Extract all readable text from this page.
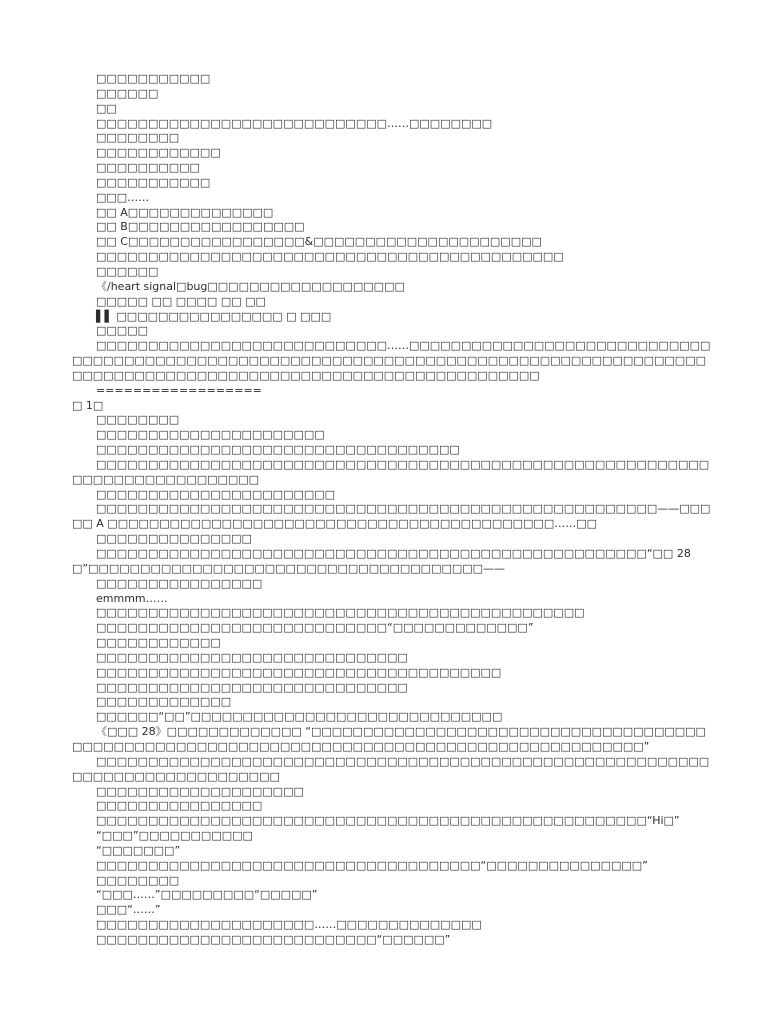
□□□□□□□□□□□

□□□□□□

□□

□□□□□□□□□□□□□□□□□□□□□□□□□□□□……□□□□□□□□

□□□□□□□□

□□□□□□□□□□□□

□□□□□□□□□□

□□□□□□□□□□□

□□□……

□□ A□□□□□□□□□□□□□□

□□ B□□□□□□□□□□□□□□□□□

□□ C□□□□□□□□□□□□□□□□□&□□□□□□□□□□□□□□□□□□□□□□

□□□□□□□□□□□□□□□□□□□□□□□□□□□□□□□□□□□□□□□□□□□□□

□□□□□□

《/heart signal□bug□□□□□□□□□□□□□□□□□□□

□□□□□ □□ □□□□ □□ □□

▌▌ □□□□□□□□□□□□□□□□ □ □□□

□□□□□

□□□□□□□□□□□□□□□□□□□□□□□□□□□□……□□□□□□□□□□□□□□□□□□□□□□□□□□□□□□□□□□□□□□□□□□□□□□□□□□□□□□□□□□□□□□□□□□□□□□□□□□□□□□□□□□□□□□□□□□□□□□□□□□□□□□□□□□□□□□□□□□□□□□□□□□□□□□□□□□□□□□□

==================

□ 1□

□□□□□□□□

□□□□□□□□□□□□□□□□□□□□□□

□□□□□□□□□□□□□□□□□□□□□□□□□□□□□□□□□□□

□□□□□□□□□□□□□□□□□□□□□□□□□□□□□□□□□□□□□□□□□□□□□□□□□□□□□□□□□□□□□□□□□□□□□□□□□□□□□

□□□□□□□□□□□□□□□□□□□□□□□

□□□□□□□□□□□□□□□□□□□□□□□□□□□□□□□□□□□□□□□□□□□□□□□□□□□□□□——□□□□□ A □□□□□□□□□□□□□□□□□□□□□□□□□□□□□□□□□□□□□□□□□□□……□□

□□□□□□□□□□□□□□□

□□□□□□□□□□□□□□□□□□□□□□□□□□□□□□□□□□□□□□□□□□□□□□□□□□□□□“□□ 28 □”□□□□□□□□□□□□□□□□□□□□□□□□□□□□□□□□□□□□□□——

□□□□□□□□□□□□□□□□

emmmm……

□□□□□□□□□□□□□□□□□□□□□□□□□□□□□□□□□□□□□□□□□□□□□□□

□□□□□□□□□□□□□□□□□□□□□□□□□□□□“□□□□□□□□□□□□□”

□□□□□□□□□□□□

□□□□□□□□□□□□□□□□□□□□□□□□□□□□□□

□□□□□□□□□□□□□□□□□□□□□□□□□□□□□□□□□□□□□□□

□□□□□□□□□□□□□□□□□□□□□□□□□□□□□□

□□□□□□□□□□□□□

□□□□□□“□□”□□□□□□□□□□□□□□□□□□□□□□□□□□□□□□

《□□□ 28》□□□□□□□□□□□□□ “□□□□□□□□□□□□□□□□□□□□□□□□□□□□□□□□□□□□□□□□□□□□□□□□□□□□□□□□□□□□□□□□□□□□□□□□□□□□□□□□□□□□□□□□□□□□□”

□□□□□□□□□□□□□□□□□□□□□□□□□□□□□□□□□□□□□□□□□□□□□□□□□□□□□□□□□□□□□□□□□□□□□□□□□□□□□□□

□□□□□□□□□□□□□□□□□□□□

□□□□□□□□□□□□□□□□

□□□□□□□□□□□□□□□□□□□□□□□□□□□□□□□□□□□□□□□□□□□□□□□□□□□□□“Hi□”

“□□□”□□□□□□□□□□□

“□□□□□□□”

□□□□□□□□□□□□□□□□□□□□□□□□□□□□□□□□□□□□□“□□□□□□□□□□□□□□□”

□□□□□□□□

“□□□……”□□□□□□□□□“□□□□□”

□□□“……”

□□□□□□□□□□□□□□□□□□□□□……□□□□□□□□□□□□□□

□□□□□□□□□□□□□□□□□□□□□□□□□□□“□□□□□□”
